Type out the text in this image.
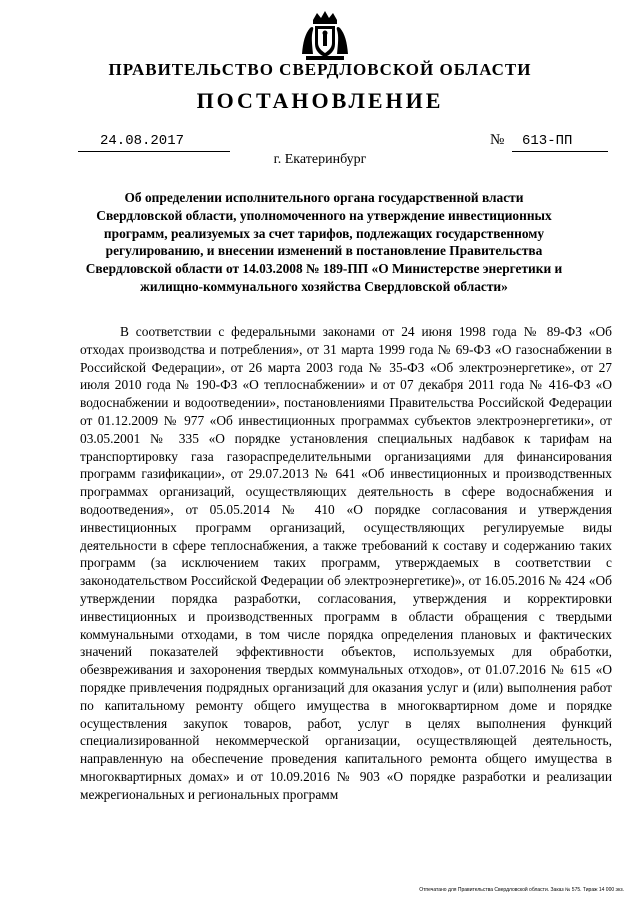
ПРАВИТЕЛЬСТВО СВЕРДЛОВСКОЙ ОБЛАСТИ
ПОСТАНОВЛЕНИЕ
24.08.2017	№	613-ПП
г. Екатеринбург
Об определении исполнительного органа государственной власти Свердловской области, уполномоченного на утверждение инвестиционных программ, реализуемых за счет тарифов, подлежащих государственному регулированию, и внесении изменений в постановление Правительства Свердловской области от 14.03.2008 № 189-ПП «О Министерстве энергетики и жилищно-коммунального хозяйства Свердловской области»

В соответствии с федеральными законами от 24 июня 1998 года № 89-ФЗ «Об отходах производства и потребления», от 31 марта 1999 года № 69-ФЗ «О газоснабжении в Российской Федерации», от 26 марта 2003 года № 35-ФЗ «Об электроэнергетике», от 27 июля 2010 года № 190-ФЗ «О теплоснабжении» и от 07 декабря 2011 года № 416-ФЗ «О водоснабжении и водоотведении», постановлениями Правительства Российской Федерации от 01.12.2009 № 977 «Об инвестиционных программах субъектов электроэнергетики», от 03.05.2001 № 335 «О порядке установления специальных надбавок к тарифам на транспортировку газа газораспределительными организациями для финансирования программ газификации», от 29.07.2013 № 641 «Об инвестиционных и производственных программах организаций, осуществляющих деятельность в сфере водоснабжения и водоотведения», от 05.05.2014 № 410 «О порядке согласования и утверждения инвестиционных программ организаций, осуществляющих регулируемые виды деятельности в сфере теплоснабжения, а также требований к составу и содержанию таких программ (за исключением таких программ, утверждаемых в соответствии с законодательством Российской Федерации об электроэнергетике)», от 16.05.2016 № 424 «Об утверждении порядка разработки, согласования, утверждения и корректировки инвестиционных и производственных программ в области обращения с твердыми коммунальными отходами, в том числе порядка определения плановых и фактических значений показателей эффективности объектов, используемых для обработки, обезвреживания и захоронения твердых коммунальных отходов», от 01.07.2016 № 615 «О порядке привлечения подрядных организаций для оказания услуг и (или) выполнения работ по капитальному ремонту общего имущества в многоквартирном доме и порядке осуществления закупок товаров, работ, услуг в целях выполнения функций специализированной некоммерческой организации, осуществляющей деятельность, направленную на обеспечение проведения капитального ремонта общего имущества в многоквартирных домах» и от 10.09.2016 № 903 «О порядке разработки и реализации межрегиональных и региональных программ

Отпечатано для Правительства Свердловской области. Заказ № 575. Тираж 14 000 экз.
